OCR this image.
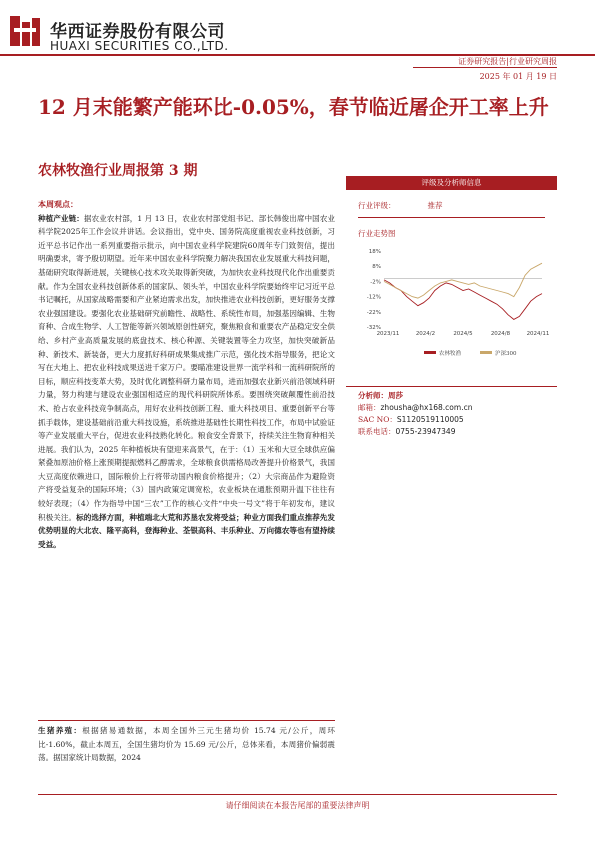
华西证券股份有限公司
HUAXI SECURITIES CO.,LTD.
证券研究报告|行业研究周报
2025 年 01 月 19 日
12 月末能繁产能环比-0.05%，春节临近屠企开工率上升
农林牧渔行业周报第 3 期
本周观点：

种植产业链：据农业农村部，1 月 13 日，农业农村部党组书记、部长韩俊出席中国农业科学院2025年工作会议并讲话。会议指出，党中央、国务院高度重视农业科技创新，习近平总书记作出一系列重要指示批示，向中国农业科学院建院60周年专门致贺信，提出明确要求，寄予殷切期望。近年来中国农业科学院聚力解决我国农业发展重大科技问题，基础研究取得新进展，关键核心技术攻关取得新突破，为加快农业科技现代化作出重要贡献。作为全国农业科技创新体系的国家队、领头羊，中国农业科学院要始终牢记习近平总书记嘱托，从国家战略需要和产业紧迫需求出发，加快推进农业科技创新，更好服务支撑农业强国建设。要强化农业基础研究前瞻性、战略性、系统性布局，加强基因编辑、生物育种、合成生物学、人工智能等新兴领域原创性研究，聚焦粮食和重要农产品稳定安全供给、乡村产业高质量发展的底盘技术、核心种源、关键装置等全力攻坚，加快突破新品种、新技术、新装备，更大力度抓好科研成果集成推广示范，强化技术指导服务，把论文写在大地上、把农业科技成果送进千家万户。要瞄准建设世界一流学科和一流科研院所的目标，顺应科技变革大势，及时优化调整科研力量布局，进而加强农业新兴前沿领域科研力量，努力构建与建设农业强国相适应的现代科研院所体系。要围绕突破颠覆性前沿技术、抢占农业科技竞争制高点，用好农业科技创新工程、重大科技项目、重要创新平台等抓手载体，建设基础前沿重大科技设施，系统推进基础性长期性科技工作，布局中试验证等产业发展重大平台，促进农业科技熟化转化。粮食安全背景下，持续关注生物育种相关进展。我们认为，2025 年种植板块有望迎来高景气，在于：（1）玉米和大豆全球供应偏紧叠加原油价格上涨预期提振燃料乙醇需求，全球粮食供需格局改善提升价格景气，我国大豆高度依赖进口，国际粮价上行将带动国内粮食价格提升；（2）大宗商品作为避险资产将受益复杂的国际环境；（3）国内政策定调宽松，农业板块在通胀预期升温下往往有较好表现；（4）作为指导中国“三农”工作的核心文件“中央一号文”将于年初发布，建议积极关注。标的选择方面，种植端北大荒和苏垦农发将受益；种业方面我们重点推荐先发优势明显的大北农、隆平高科，登海种业、荃银高科、丰乐种业、万向德农等也有望持续受益。

生猪养殖：根据猪易通数据，本周全国外三元生猪均价 15.74 元/公斤，周环比-1.60%，截止本周五，全国生猪均价为 15.69 元/公斤，总体来看，本周猪价偏弱震荡。据国家统计局数据，2024
评级及分析师信息
行业评级：	推荐
行业走势图
18%
8%
-2%
-12%
-22%
-32%
2023/11	2024/2	2024/5	2024/8	2024/11
农林牧渔	沪深300
分析师：周莎
邮箱：zhousha@hx168.com.cn
SAC NO：S1120519110005
联系电话：0755-23947349
请仔细阅读在本报告尾部的重要法律声明
